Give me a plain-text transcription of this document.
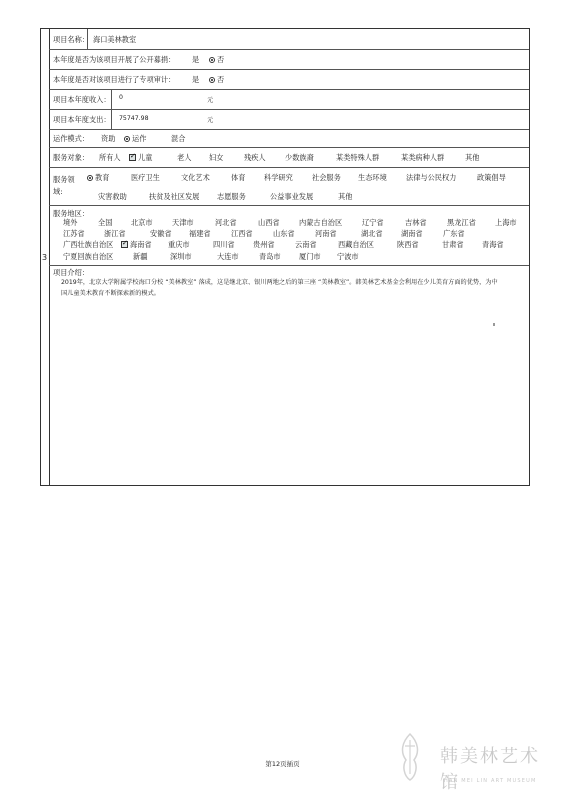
3
项目名称： 海口美林教室
本年度是否为该项目开展了公开募捐： 是	否
本年度是否对该项目进行了专项审计： 是	否
项目本年度收入： 0	元
项目本年度支出： 75747.98	元
运作模式： 资助	运作	混合
服务对象： 所有人 ✓	儿童	老人 妇女	残疾人	少数族裔	某类特殊人群	某类病种人群	其他
服务领
域:
教育	医疗卫生	文化艺术	体育	科学研究	社会服务 生态环境	法律与公民权力	政策倡导
灾害救助	扶贫及社区发展 志愿服务	公益事业发展	其他
服务地区：
境外	全国	北京市	天津市	河北省	山西省	内蒙古自治区	辽宁省	吉林省	黑龙江省	上海市
江苏省	浙江省	安徽省 福建省	江西省	山东省	河南省	湖北省	湖南省	广东省
广西壮族自治区 ✓	海南省 重庆市	四川省	贵州省	云南省	西藏自治区	陕西省	甘肃省	青海省
宁夏回族自治区	新疆	深圳市	大连市	青岛市	厦门市 宁波市
项目介绍：
2019年，北京大学附属学校海口分校 “美林教室” 落成，这是继北京、银川两地之后的第三座 “美林教室”。韩美林艺术基金会利用在少儿美育方面的优势，为中
国儿童美术教育不断探索新的模式。
第12页插页	韩美林艺术馆
HAN MEI LIN ART MUSEUM
